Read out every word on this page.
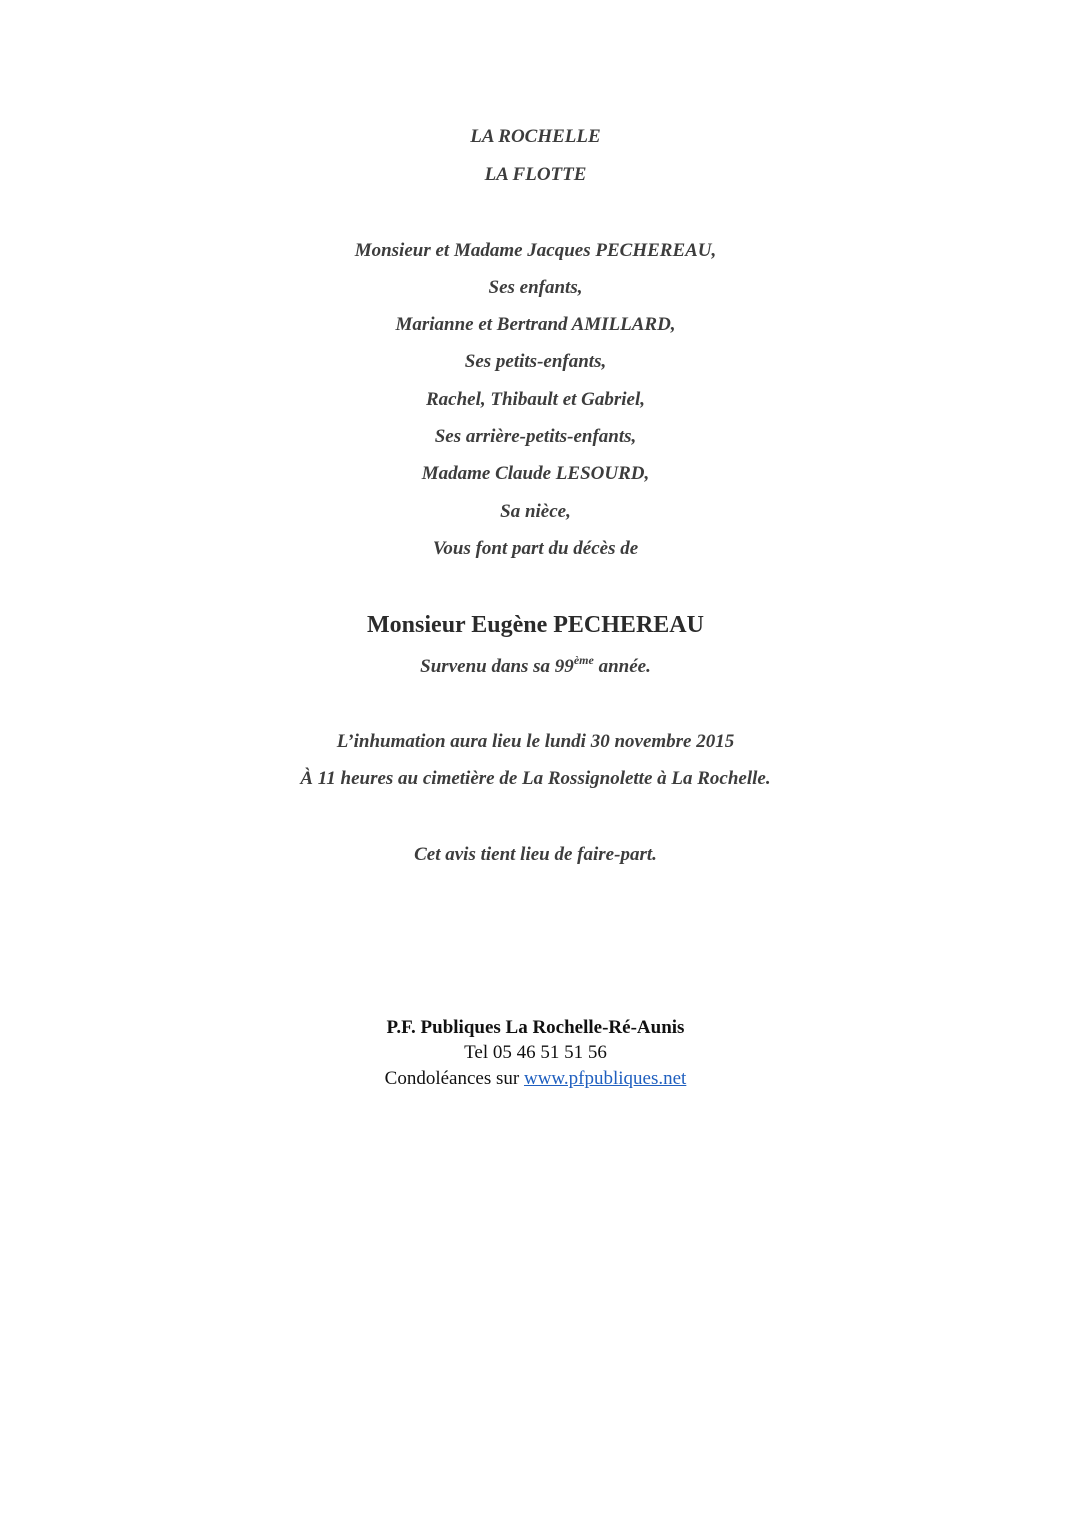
LA ROCHELLE
LA FLOTTE
Monsieur et Madame Jacques PECHEREAU,
Ses enfants,
Marianne et Bertrand AMILLARD,
Ses petits-enfants,
Rachel, Thibault et Gabriel,
Ses arrière-petits-enfants,
Madame Claude LESOURD,
Sa nièce,
Vous font part du décès de
Monsieur Eugène PECHEREAU
Survenu dans sa 99ème année.
L’inhumation aura lieu le lundi 30 novembre 2015
À 11 heures au cimetière de La Rossignolette à La Rochelle.
Cet avis tient lieu de faire-part.
P.F. Publiques La Rochelle-Ré-Aunis
Tel 05 46 51 51 56
Condoléances sur www.pfpubliques.net
